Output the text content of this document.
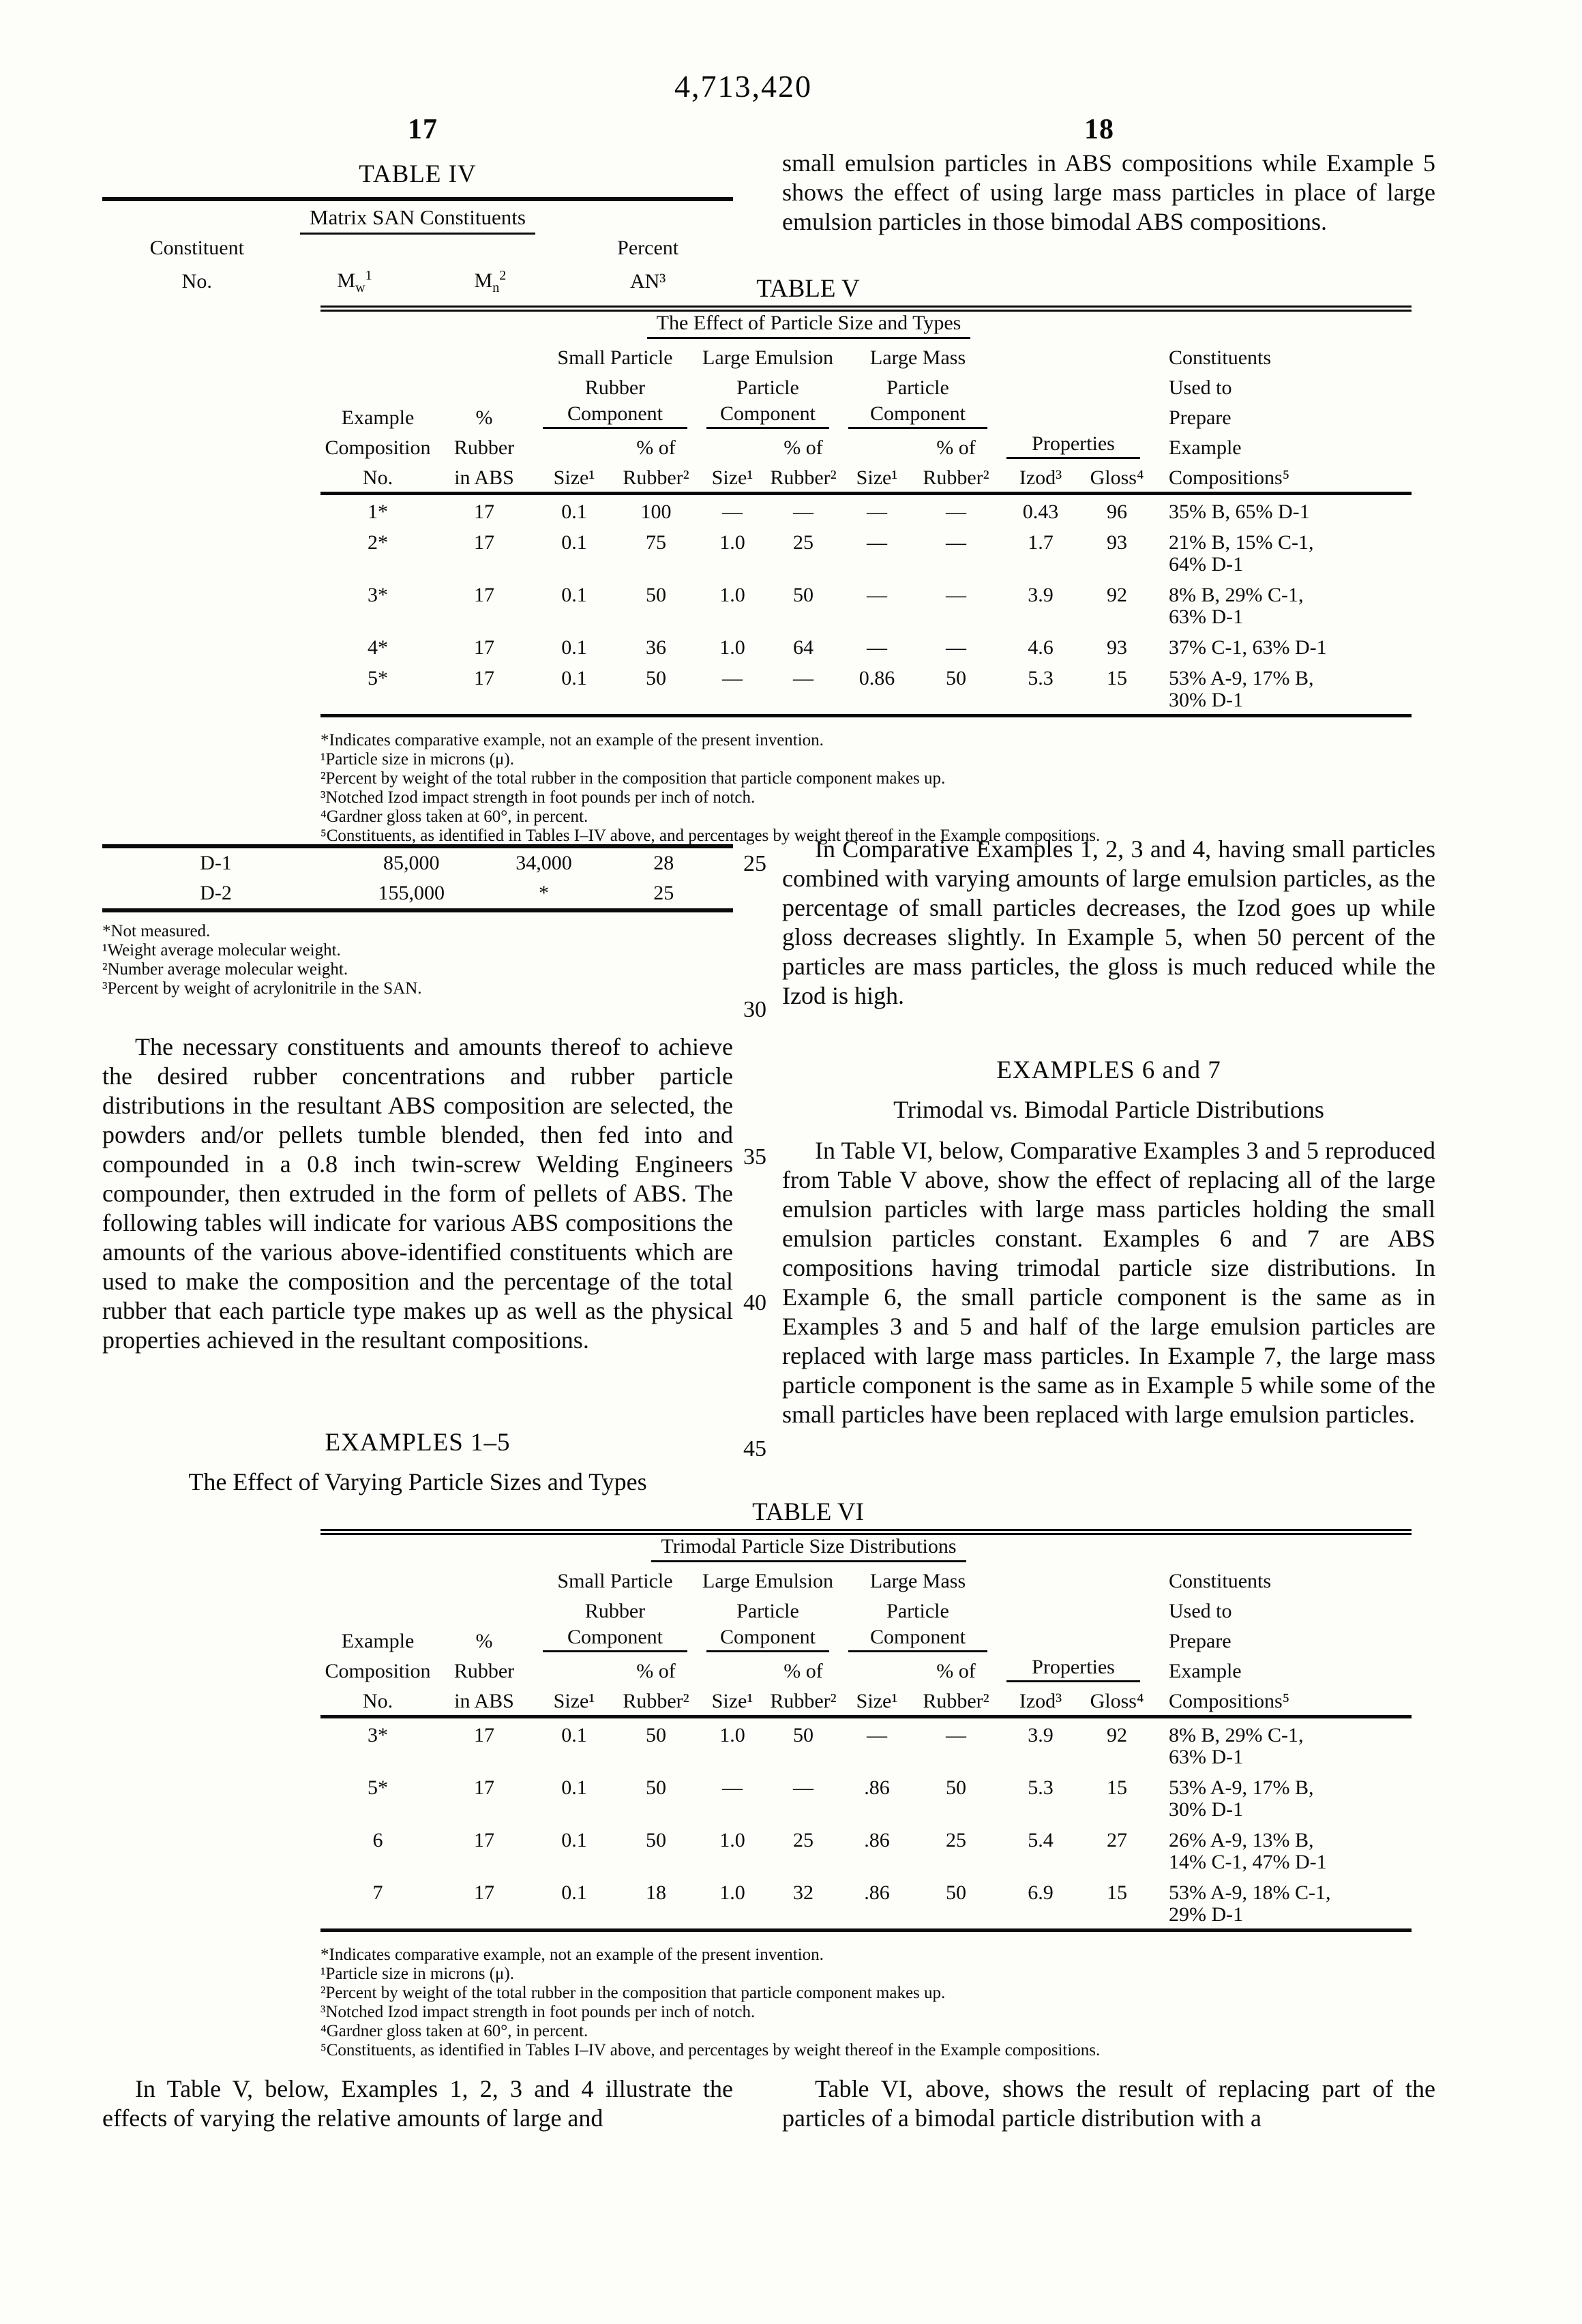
4,713,420
17	18
25
30
35
40
45
small emulsion particles in ABS compositions while Example 5 shows the effect of using large mass particles in place of large emulsion particles in those bimodal ABS compositions.
TABLE IV
Matrix SAN Constituents
Constituent			Percent
No.	$M_w^1$	$M_n^2$	AN³	TABLE V
		The Effect of Particle Size and Types								
		Small Particle		Large Emulsion		Large Mass				Constituents
		Rubber		Particle		Particle				Used to
Example	%	Component		Component		Component				Prepare
Composition	Rubber		% of		% of		% of	Properties		Example
No.	in ABS	Size¹	Rubber²	Size¹	Rubber²	Size¹	Rubber²	Izod³	Gloss⁴	Compositions⁵
1*	17	0.1	100	—	—	—	—	0.43	96	35% B, 65% D-1
2*	17	0.1	75	1.0	25	—	—	1.7	93	21% B, 15% C-1,
64% D-1
3*	17	0.1	50	1.0	50	—	—	3.9	92	8% B, 29% C-1,
63% D-1
4*	17	0.1	36	1.0	64	—	—	4.6	93	37% C-1, 63% D-1
5*	17	0.1	50	—	—	0.86	50	5.3	15	53% A-9, 17% B,
30% D-1
*Indicates comparative example, not an example of the present invention.
¹Particle size in microns (μ).
²Percent by weight of the total rubber in the composition that particle component makes up.
³Notched Izod impact strength in foot pounds per inch of notch.
⁴Gardner gloss taken at 60°, in percent.
⁵Constituents, as identified in Tables I–IV above, and percentages by weight thereof in the Example compositions.
D-1	85,000	34,000	28
D-2	155,000	*	25
*Not measured.
¹Weight average molecular weight.
²Number average molecular weight.
³Percent by weight of acrylonitrile in the SAN.
The necessary constituents and amounts thereof to achieve the desired rubber concentrations and rubber particle distributions in the resultant ABS composition are selected, the powders and/or pellets tumble blended, then fed into and compounded in a 0.8 inch twin-screw Welding Engineers compounder, then extruded in the form of pellets of ABS. The following tables will indicate for various ABS compositions the amounts of the various above-identified constituents which are used to make the composition and the percentage of the total rubber that each particle type makes up as well as the physical properties achieved in the resultant compositions.
EXAMPLES 1–5
The Effect of Varying Particle Sizes and Types
In Comparative Examples 1, 2, 3 and 4, having small particles combined with varying amounts of large emulsion particles, as the percentage of small particles decreases, the Izod goes up while gloss decreases slightly. In Example 5, when 50 percent of the particles are mass particles, the gloss is much reduced while the Izod is high.
EXAMPLES 6 and 7
Trimodal vs. Bimodal Particle Distributions
In Table VI, below, Comparative Examples 3 and 5 reproduced from Table V above, show the effect of replacing all of the large emulsion particles with large mass particles holding the small emulsion particles constant. Examples 6 and 7 are ABS compositions having trimodal particle size distributions. In Example 6, the small particle component is the same as in Examples 3 and 5 and half of the large emulsion particles are replaced with large mass particles. In Example 7, the large mass particle component is the same as in Example 5 while some of the small particles have been replaced with large emulsion particles.
TABLE VI
		Trimodal Particle Size Distributions								
		Small Particle		Large Emulsion		Large Mass				Constituents
		Rubber		Particle		Particle				Used to
Example	%	Component		Component		Component				Prepare
Composition	Rubber		% of		% of		% of	Properties		Example
No.	in ABS	Size¹	Rubber²	Size¹	Rubber²	Size¹	Rubber²	Izod³	Gloss⁴	Compositions⁵
3*	17	0.1	50	1.0	50	—	—	3.9	92	8% B, 29% C-1,
63% D-1
5*	17	0.1	50	—	—	.86	50	5.3	15	53% A-9, 17% B,
30% D-1
6	17	0.1	50	1.0	25	.86	25	5.4	27	26% A-9, 13% B,
14% C-1, 47% D-1
7	17	0.1	18	1.0	32	.86	50	6.9	15	53% A-9, 18% C-1,
29% D-1
*Indicates comparative example, not an example of the present invention.
¹Particle size in microns (μ).
²Percent by weight of the total rubber in the composition that particle component makes up.
³Notched Izod impact strength in foot pounds per inch of notch.
⁴Gardner gloss taken at 60°, in percent.
⁵Constituents, as identified in Tables I–IV above, and percentages by weight thereof in the Example compositions.
In Table V, below, Examples 1, 2, 3 and 4 illustrate the effects of varying the relative amounts of large and
Table VI, above, shows the result of replacing part of the particles of a bimodal particle distribution with a
